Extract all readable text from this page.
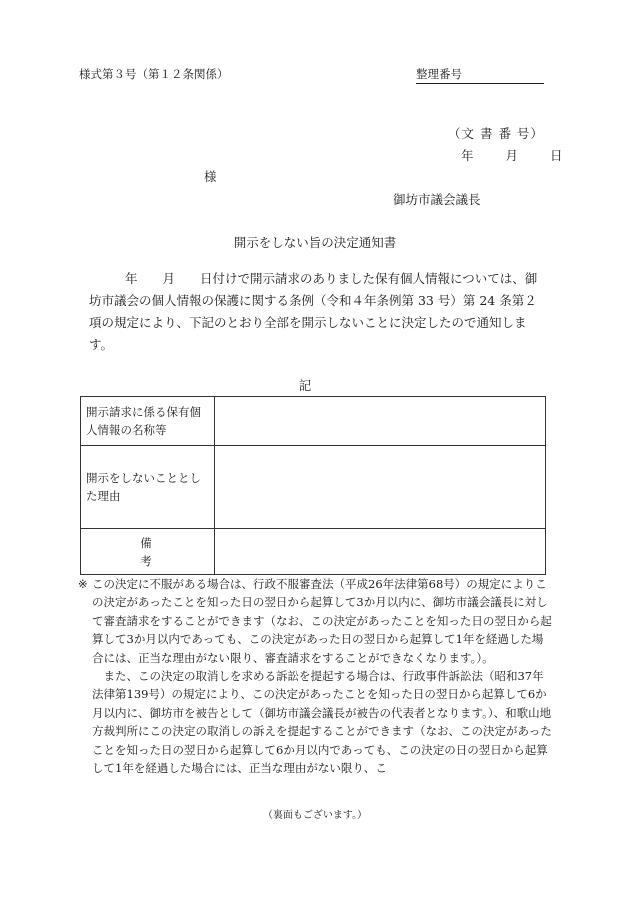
様式第３号（第１２条関係）	整理番号
（文 書 番 号）
年	月	日
様
御坊市議会議長
開示をしない旨の決定通知書

年　　月　　日付けで開示請求のありました保有個人情報については、御坊市議会の個人情報の保護に関する条例（令和４年条例第 33 号）第 24 条第２項の規定により、下記のとおり全部を開示しないことに決定したので通知します。

記
開示請求に係る保有個人情報の名称等	
開示をしないこととした理由	
備　　考	
※ この決定に不服がある場合は、行政不服審査法（平成26年法律第68号）の規定によりこの決定があったことを知った日の翌日から起算して3か月以内に、御坊市議会議長に対して審査請求をすることができます（なお、この決定があったことを知った日の翌日から起算して3か月以内であっても、この決定があった日の翌日から起算して1年を経過した場合には、正当な理由がない限り、審査請求をすることができなくなります。）。

また、この決定の取消しを求める訴訟を提起する場合は、行政事件訴訟法（昭和37年法律第139号）の規定により、この決定があったことを知った日の翌日から起算して6か月以内に、御坊市を被告として（御坊市議会議長が被告の代表者となります。）、和歌山地方裁判所にこの決定の取消しの訴えを提起することができます（なお、この決定があったことを知った日の翌日から起算して6か月以内であっても、この決定の日の翌日から起算して1年を経過した場合には、正当な理由がない限り、こ

（裏面もございます。）
